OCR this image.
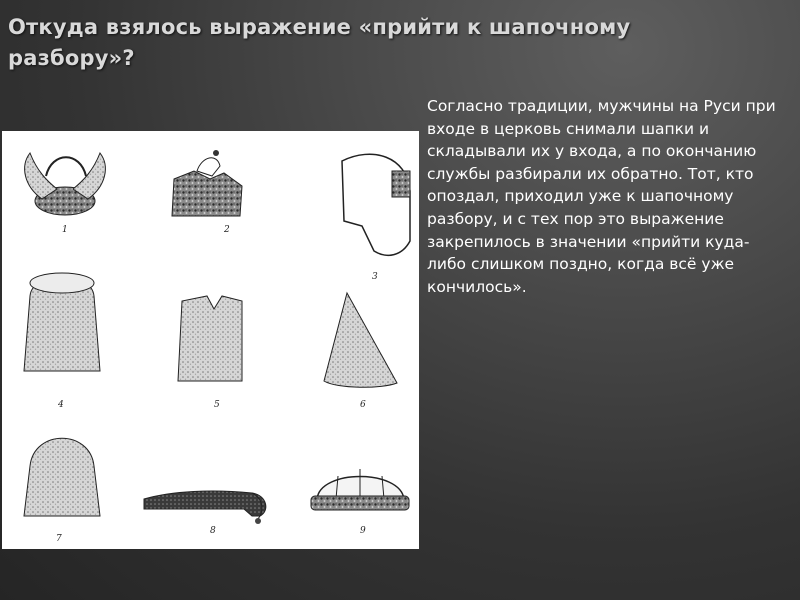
Откуда взялось выражение «прийти к шапочному разбору»?
1	2
3
4	5	6
7
8	9

Согласно традиции, мужчины на Руси при входе в церковь снимали шапки и складывали их у входа, а по окончанию службы разбирали их обратно. Тот, кто опоздал, приходил уже к шапочному разбору, и с тех пор это выражение закрепилось в значении «прийти куда-либо слишком поздно, когда всё уже кончилось».
